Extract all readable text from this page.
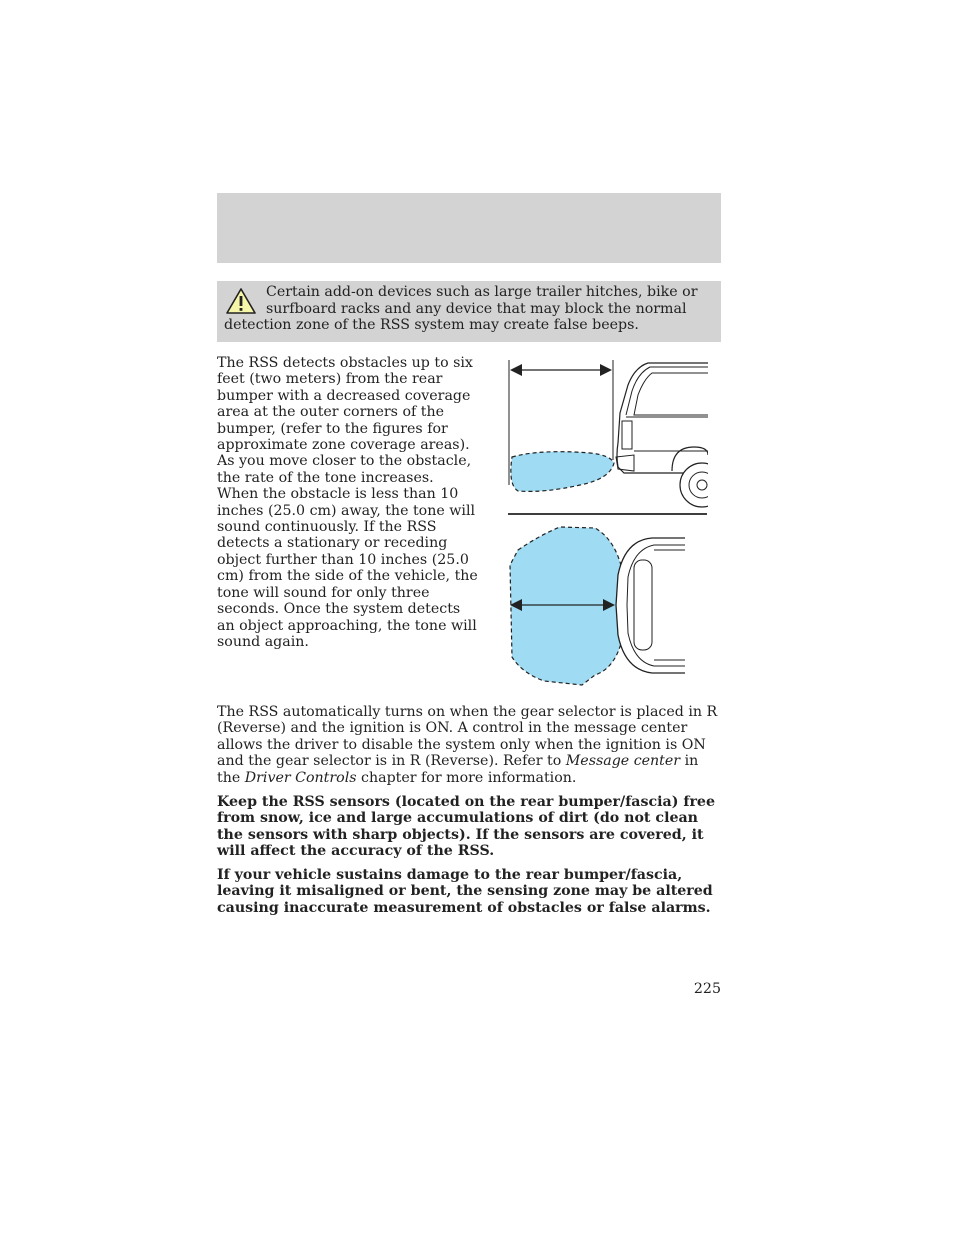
Certain add-on devices such as large trailer hitches, bike or
surfboard racks and any device that may block the normal
detection zone of the RSS system may create false beeps.

The RSS detects obstacles up to six feet (two meters) from the rear bumper with a decreased coverage area at the outer corners of the bumper, (refer to the figures for approximate zone coverage areas). As you move closer to the obstacle, the rate of the tone increases. When the obstacle is less than 10 inches (25.0 cm) away, the tone will sound continuously. If the RSS detects a stationary or receding object further than 10 inches (25.0 cm) from the side of the vehicle, the tone will sound for only three seconds. Once the system detects an object approaching, the tone will sound again.

The RSS automatically turns on when the gear selector is placed in R (Reverse) and the ignition is ON. A control in the message center allows the driver to disable the system only when the ignition is ON and the gear selector is in R (Reverse). Refer to Message center in the Driver Controls chapter for more information.

Keep the RSS sensors (located on the rear bumper/fascia) free from snow, ice and large accumulations of dirt (do not clean the sensors with sharp objects). If the sensors are covered, it will affect the accuracy of the RSS.

If your vehicle sustains damage to the rear bumper/fascia, leaving it misaligned or bent, the sensing zone may be altered causing inaccurate measurement of obstacles or false alarms.

225
